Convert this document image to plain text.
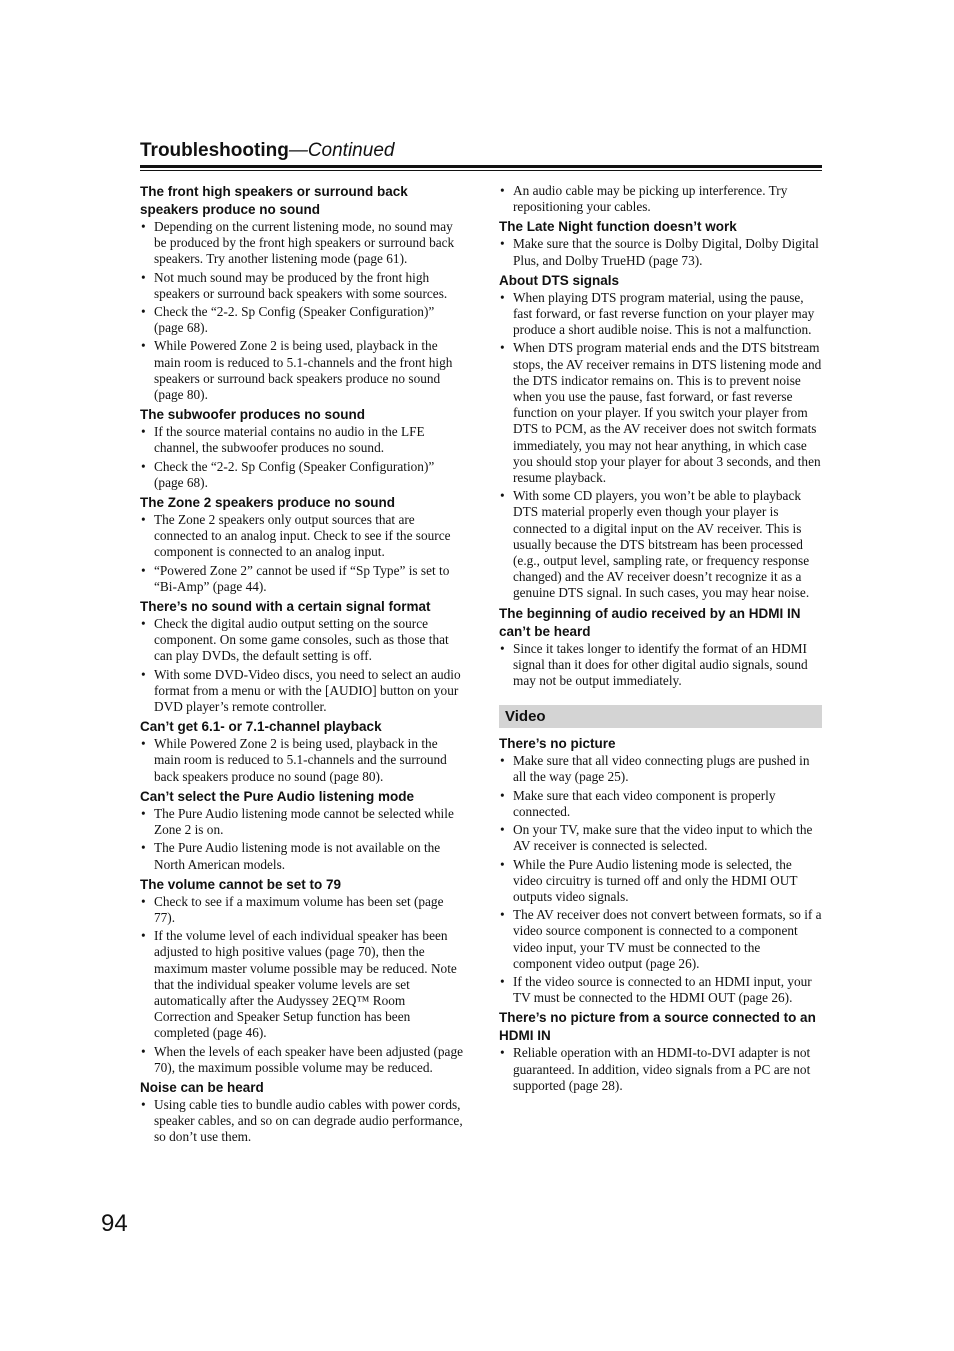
Troubleshooting—Continued
The front high speakers or surround back speakers produce no sound
• Depending on the current listening mode, no sound may be produced by the front high speakers or surround back speakers. Try another listening mode (page 61).
• Not much sound may be produced by the front high speakers or surround back speakers with some sources.
• Check the “2-2. Sp Config (Speaker Configuration)” (page 68).
• While Powered Zone 2 is being used, playback in the main room is reduced to 5.1-channels and the front high speakers or surround back speakers produce no sound (page 80).
The subwoofer produces no sound
• If the source material contains no audio in the LFE channel, the subwoofer produces no sound.
• Check the “2-2. Sp Config (Speaker Configuration)” (page 68).
The Zone 2 speakers produce no sound
• The Zone 2 speakers only output sources that are connected to an analog input. Check to see if the source component is connected to an analog input.
• “Powered Zone 2” cannot be used if “Sp Type” is set to “Bi-Amp” (page 44).
There’s no sound with a certain signal format
• Check the digital audio output setting on the source component. On some game consoles, such as those that can play DVDs, the default setting is off.
• With some DVD-Video discs, you need to select an audio format from a menu or with the [AUDIO] button on your DVD player’s remote controller.
Can’t get 6.1- or 7.1-channel playback
• While Powered Zone 2 is being used, playback in the main room is reduced to 5.1-channels and the surround back speakers produce no sound (page 80).
Can’t select the Pure Audio listening mode
• The Pure Audio listening mode cannot be selected while Zone 2 is on.
• The Pure Audio listening mode is not available on the North American models.
The volume cannot be set to 79
• Check to see if a maximum volume has been set (page 77).
• If the volume level of each individual speaker has been adjusted to high positive values (page 70), then the maximum master volume possible may be reduced. Note that the individual speaker volume levels are set automatically after the Audyssey 2EQ™ Room Correction and Speaker Setup function has been completed (page 46).
• When the levels of each speaker have been adjusted (page 70), the maximum possible volume may be reduced.
Noise can be heard
• Using cable ties to bundle audio cables with power cords, speaker cables, and so on can degrade audio performance, so don’t use them.
• An audio cable may be picking up interference. Try repositioning your cables.
The Late Night function doesn’t work
• Make sure that the source is Dolby Digital, Dolby Digital Plus, and Dolby TrueHD (page 73).
About DTS signals
• When playing DTS program material, using the pause, fast forward, or fast reverse function on your player may produce a short audible noise. This is not a malfunction.
• When DTS program material ends and the DTS bitstream stops, the AV receiver remains in DTS listening mode and the DTS indicator remains on. This is to prevent noise when you use the pause, fast forward, or fast reverse function on your player. If you switch your player from DTS to PCM, as the AV receiver does not switch formats immediately, you may not hear anything, in which case you should stop your player for about 3 seconds, and then resume playback.
• With some CD players, you won’t be able to playback DTS material properly even though your player is connected to a digital input on the AV receiver. This is usually because the DTS bitstream has been processed (e.g., output level, sampling rate, or frequency response changed) and the AV receiver doesn’t recognize it as a genuine DTS signal. In such cases, you may hear noise.
The beginning of audio received by an HDMI IN can’t be heard
• Since it takes longer to identify the format of an HDMI signal than it does for other digital audio signals, sound may not be output immediately.
Video
There’s no picture
• Make sure that all video connecting plugs are pushed in all the way (page 25).
• Make sure that each video component is properly connected.
• On your TV, make sure that the video input to which the AV receiver is connected is selected.
• While the Pure Audio listening mode is selected, the video circuitry is turned off and only the HDMI OUT outputs video signals.
• The AV receiver does not convert between formats, so if a video source component is connected to a component video input, your TV must be connected to the component video output (page 26).
• If the video source is connected to an HDMI input, your TV must be connected to the HDMI OUT (page 26).
There’s no picture from a source connected to an HDMI IN
• Reliable operation with an HDMI-to-DVI adapter is not guaranteed. In addition, video signals from a PC are not supported (page 28).
94
